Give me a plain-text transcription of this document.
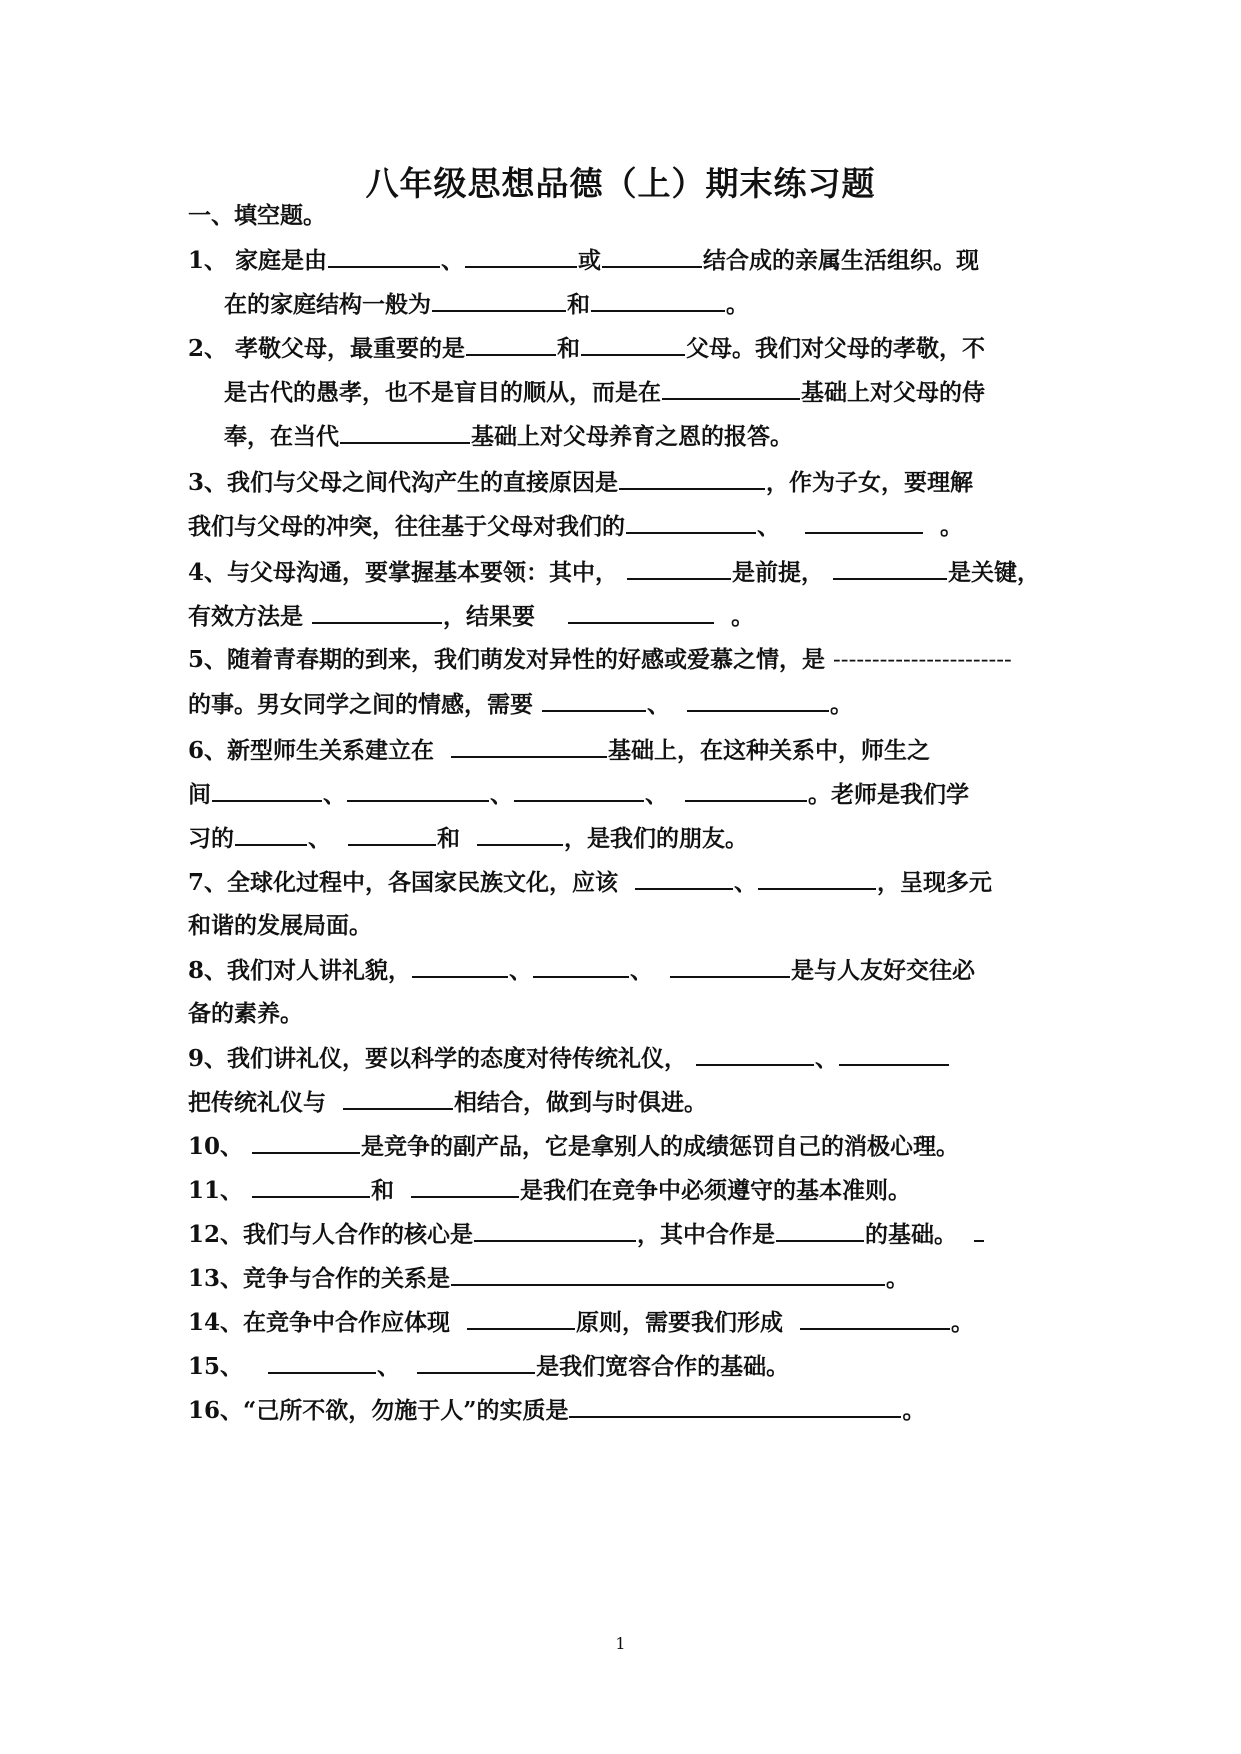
八年级思想品德（上）期末练习题
一、填空题。
1、 家庭是由	、	或	结合成的亲属生活组织。现
在的家庭结构一般为	和	。
2、 孝敬父母，最重要的是	和	父母。我们对父母的孝敬，不
是古代的愚孝，也不是盲目的顺从，而是在	基础上对父母的侍
奉，在当代	基础上对父母养育之恩的报答。
3、我们与父母之间代沟产生的直接原因是	，作为子女，要理解
我们与父母的冲突，往往基于父母对我们的	、	。
4、与父母沟通，要掌握基本要领：其中，	是前提，	是关键，
有效方法是	，结果要	。
5、随着青春期的到来，我们萌发对异性的好感或爱慕之情，是 -----------------------
的事。男女同学之间的情感，需要	、	。
6、新型师生关系建立在	基础上，在这种关系中，师生之
间	、	、	、	。老师是我们学
习的	、	和	，是我们的朋友。
7、全球化过程中，各国家民族文化，应该	、	，呈现多元
和谐的发展局面。
8、我们对人讲礼貌，	、	、	是与人友好交往必
备的素养。
9、我们讲礼仪，要以科学的态度对待传统礼仪，	、
把传统礼仪与	相结合，做到与时俱进。
10、	是竞争的副产品，它是拿别人的成绩惩罚自己的消极心理。
11、	和	是我们在竞争中必须遵守的基本准则。
12、我们与人合作的核心是	，其中合作是	的基础。
13、竞争与合作的关系是	。
14、在竞争中合作应体现	原则，需要我们形成	。
15、	、	是我们宽容合作的基础。
16、“己所不欲，勿施于人”的实质是	。
1
